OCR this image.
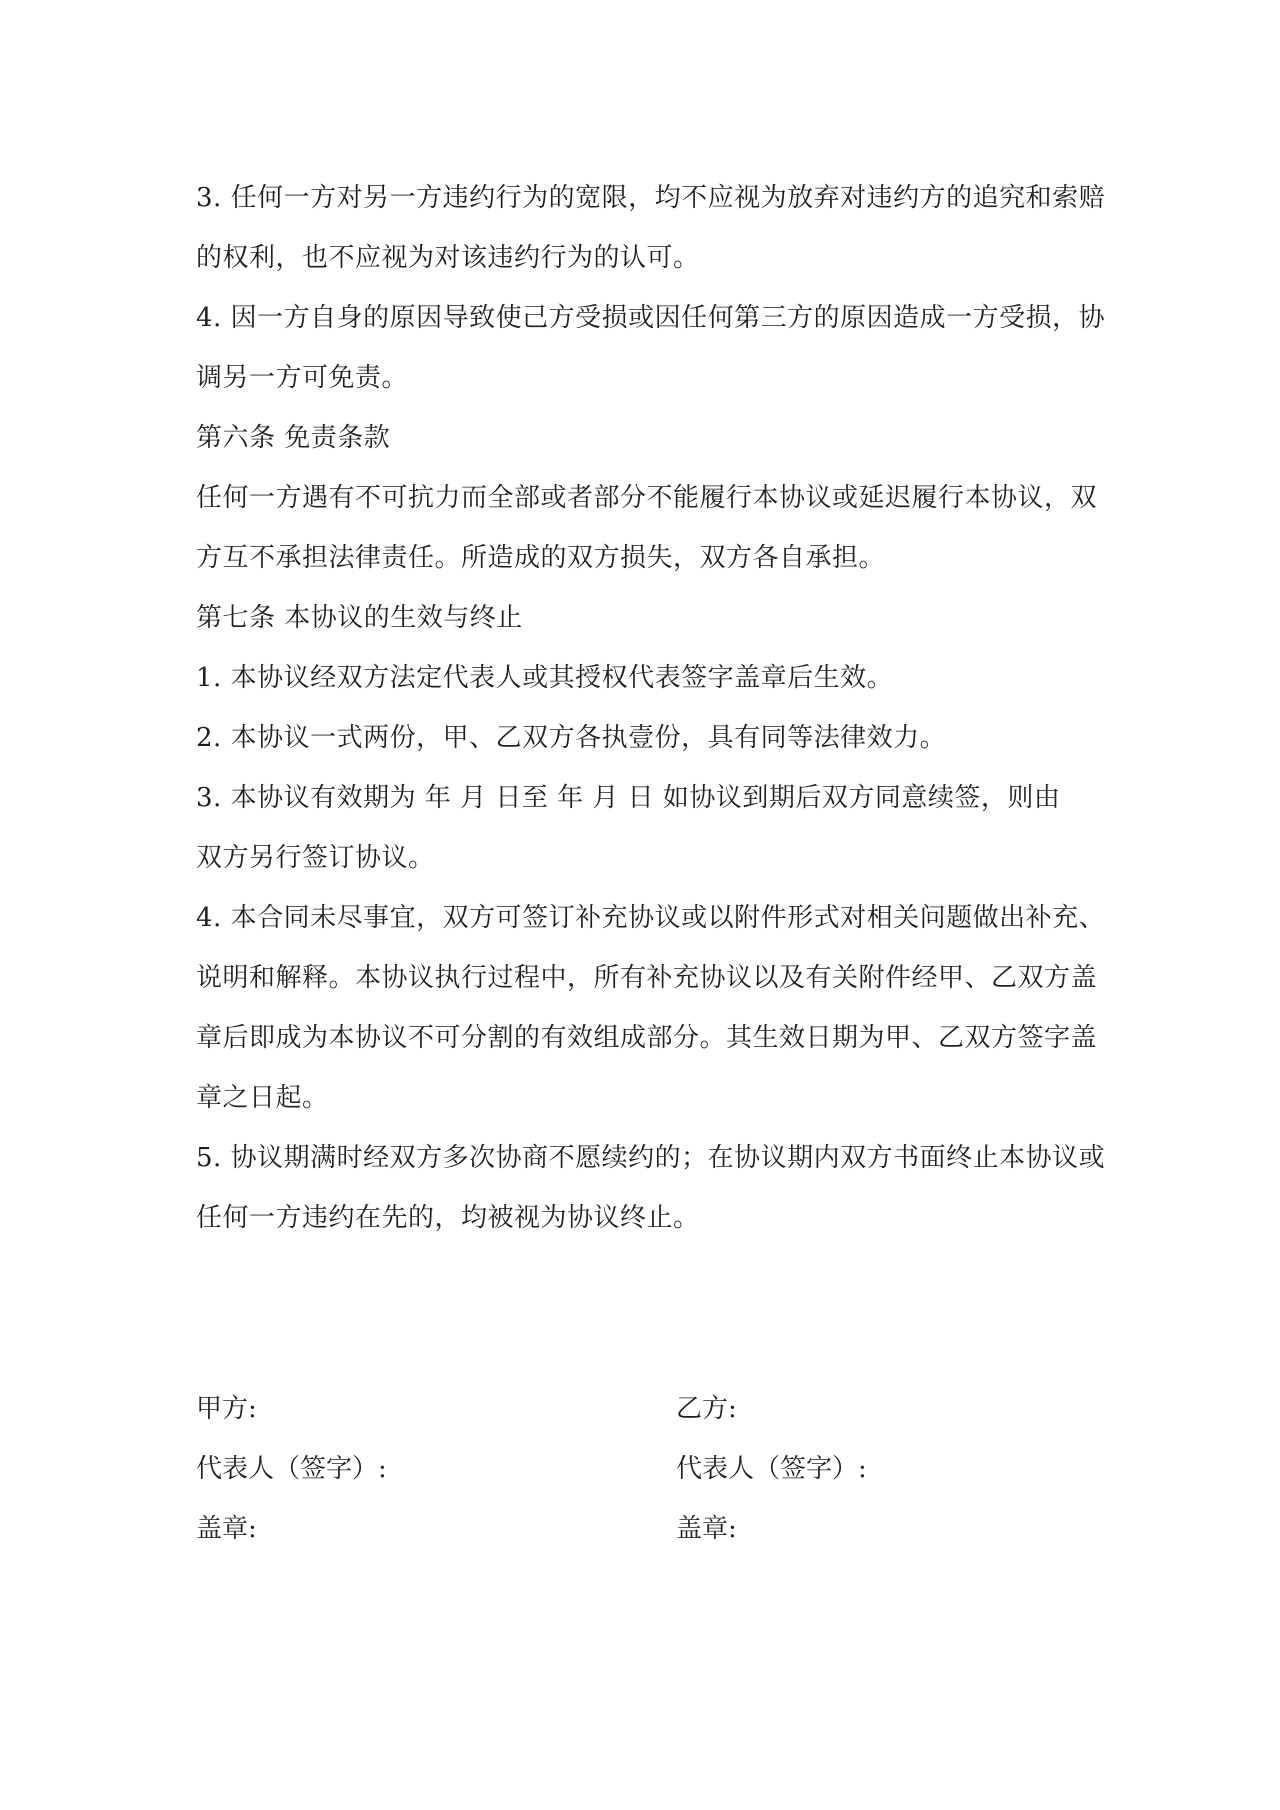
3. 任何一方对另一方违约行为的宽限，均不应视为放弃对违约方的追究和索赔
的权利，也不应视为对该违约行为的认可。
4. 因一方自身的原因导致使己方受损或因任何第三方的原因造成一方受损，协
调另一方可免责。
第六条 免责条款
任何一方遇有不可抗力而全部或者部分不能履行本协议或延迟履行本协议，双
方互不承担法律责任。所造成的双方损失，双方各自承担。
第七条 本协议的生效与终止
1. 本协议经双方法定代表人或其授权代表签字盖章后生效。
2. 本协议一式两份，甲、乙双方各执壹份，具有同等法律效力。
3. 本协议有效期为 年 月 日至 年 月 日 如协议到期后双方同意续签，则由
双方另行签订协议。
4. 本合同未尽事宜，双方可签订补充协议或以附件形式对相关问题做出补充、
说明和解释。本协议执行过程中，所有补充协议以及有关附件经甲、乙双方盖
章后即成为本协议不可分割的有效组成部分。其生效日期为甲、乙双方签字盖
章之日起。
5. 协议期满时经双方多次协商不愿续约的；在协议期内双方书面终止本协议或
任何一方违约在先的，均被视为协议终止。
甲方:	乙方:
代表人（签字）:	代表人（签字）:
盖章:	盖章:
